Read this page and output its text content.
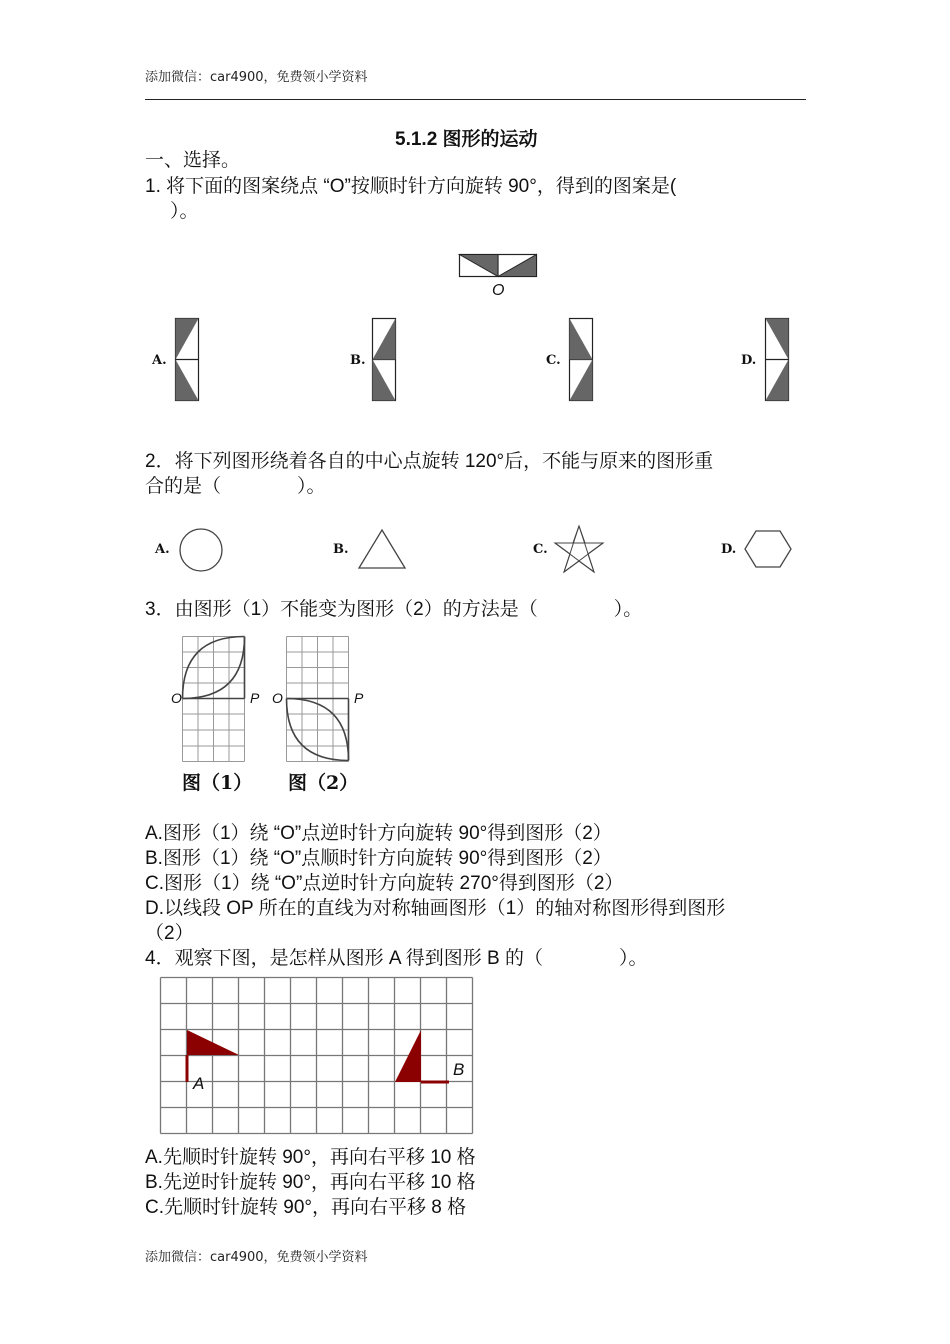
添加微信：car4900，免费领小学资料
5.1.2 图形的运动
一、选择。
1. 将下面的图案绕点 “O”按顺时针方向旋转 90°，得到的图案是(
）。
O
A.	B.	C.	D.
2．将下列图形绕着各自的中心点旋转 120°后，不能与原来的图形重
合的是（　　　　）。
A.	B.	C.	D.
3．由图形（1）不能变为图形（2）的方法是（　　　　）。
O	P O	P
图（1） 图（2）
A.图形（1）绕 “O”点逆时针方向旋转 90°得到图形（2）
B.图形（1）绕 “O”点顺时针方向旋转 90°得到图形（2）
C.图形（1）绕 “O”点逆时针方向旋转 270°得到图形（2）
D.以线段 OP 所在的直线为对称轴画图形（1）的轴对称图形得到图形
（2）
4．观察下图，是怎样从图形 A 得到图形 B 的（　　　　）。
A
B
A.先顺时针旋转 90°，再向右平移 10 格
B.先逆时针旋转 90°，再向右平移 10 格
C.先顺时针旋转 90°，再向右平移 8 格
添加微信：car4900，免费领小学资料
